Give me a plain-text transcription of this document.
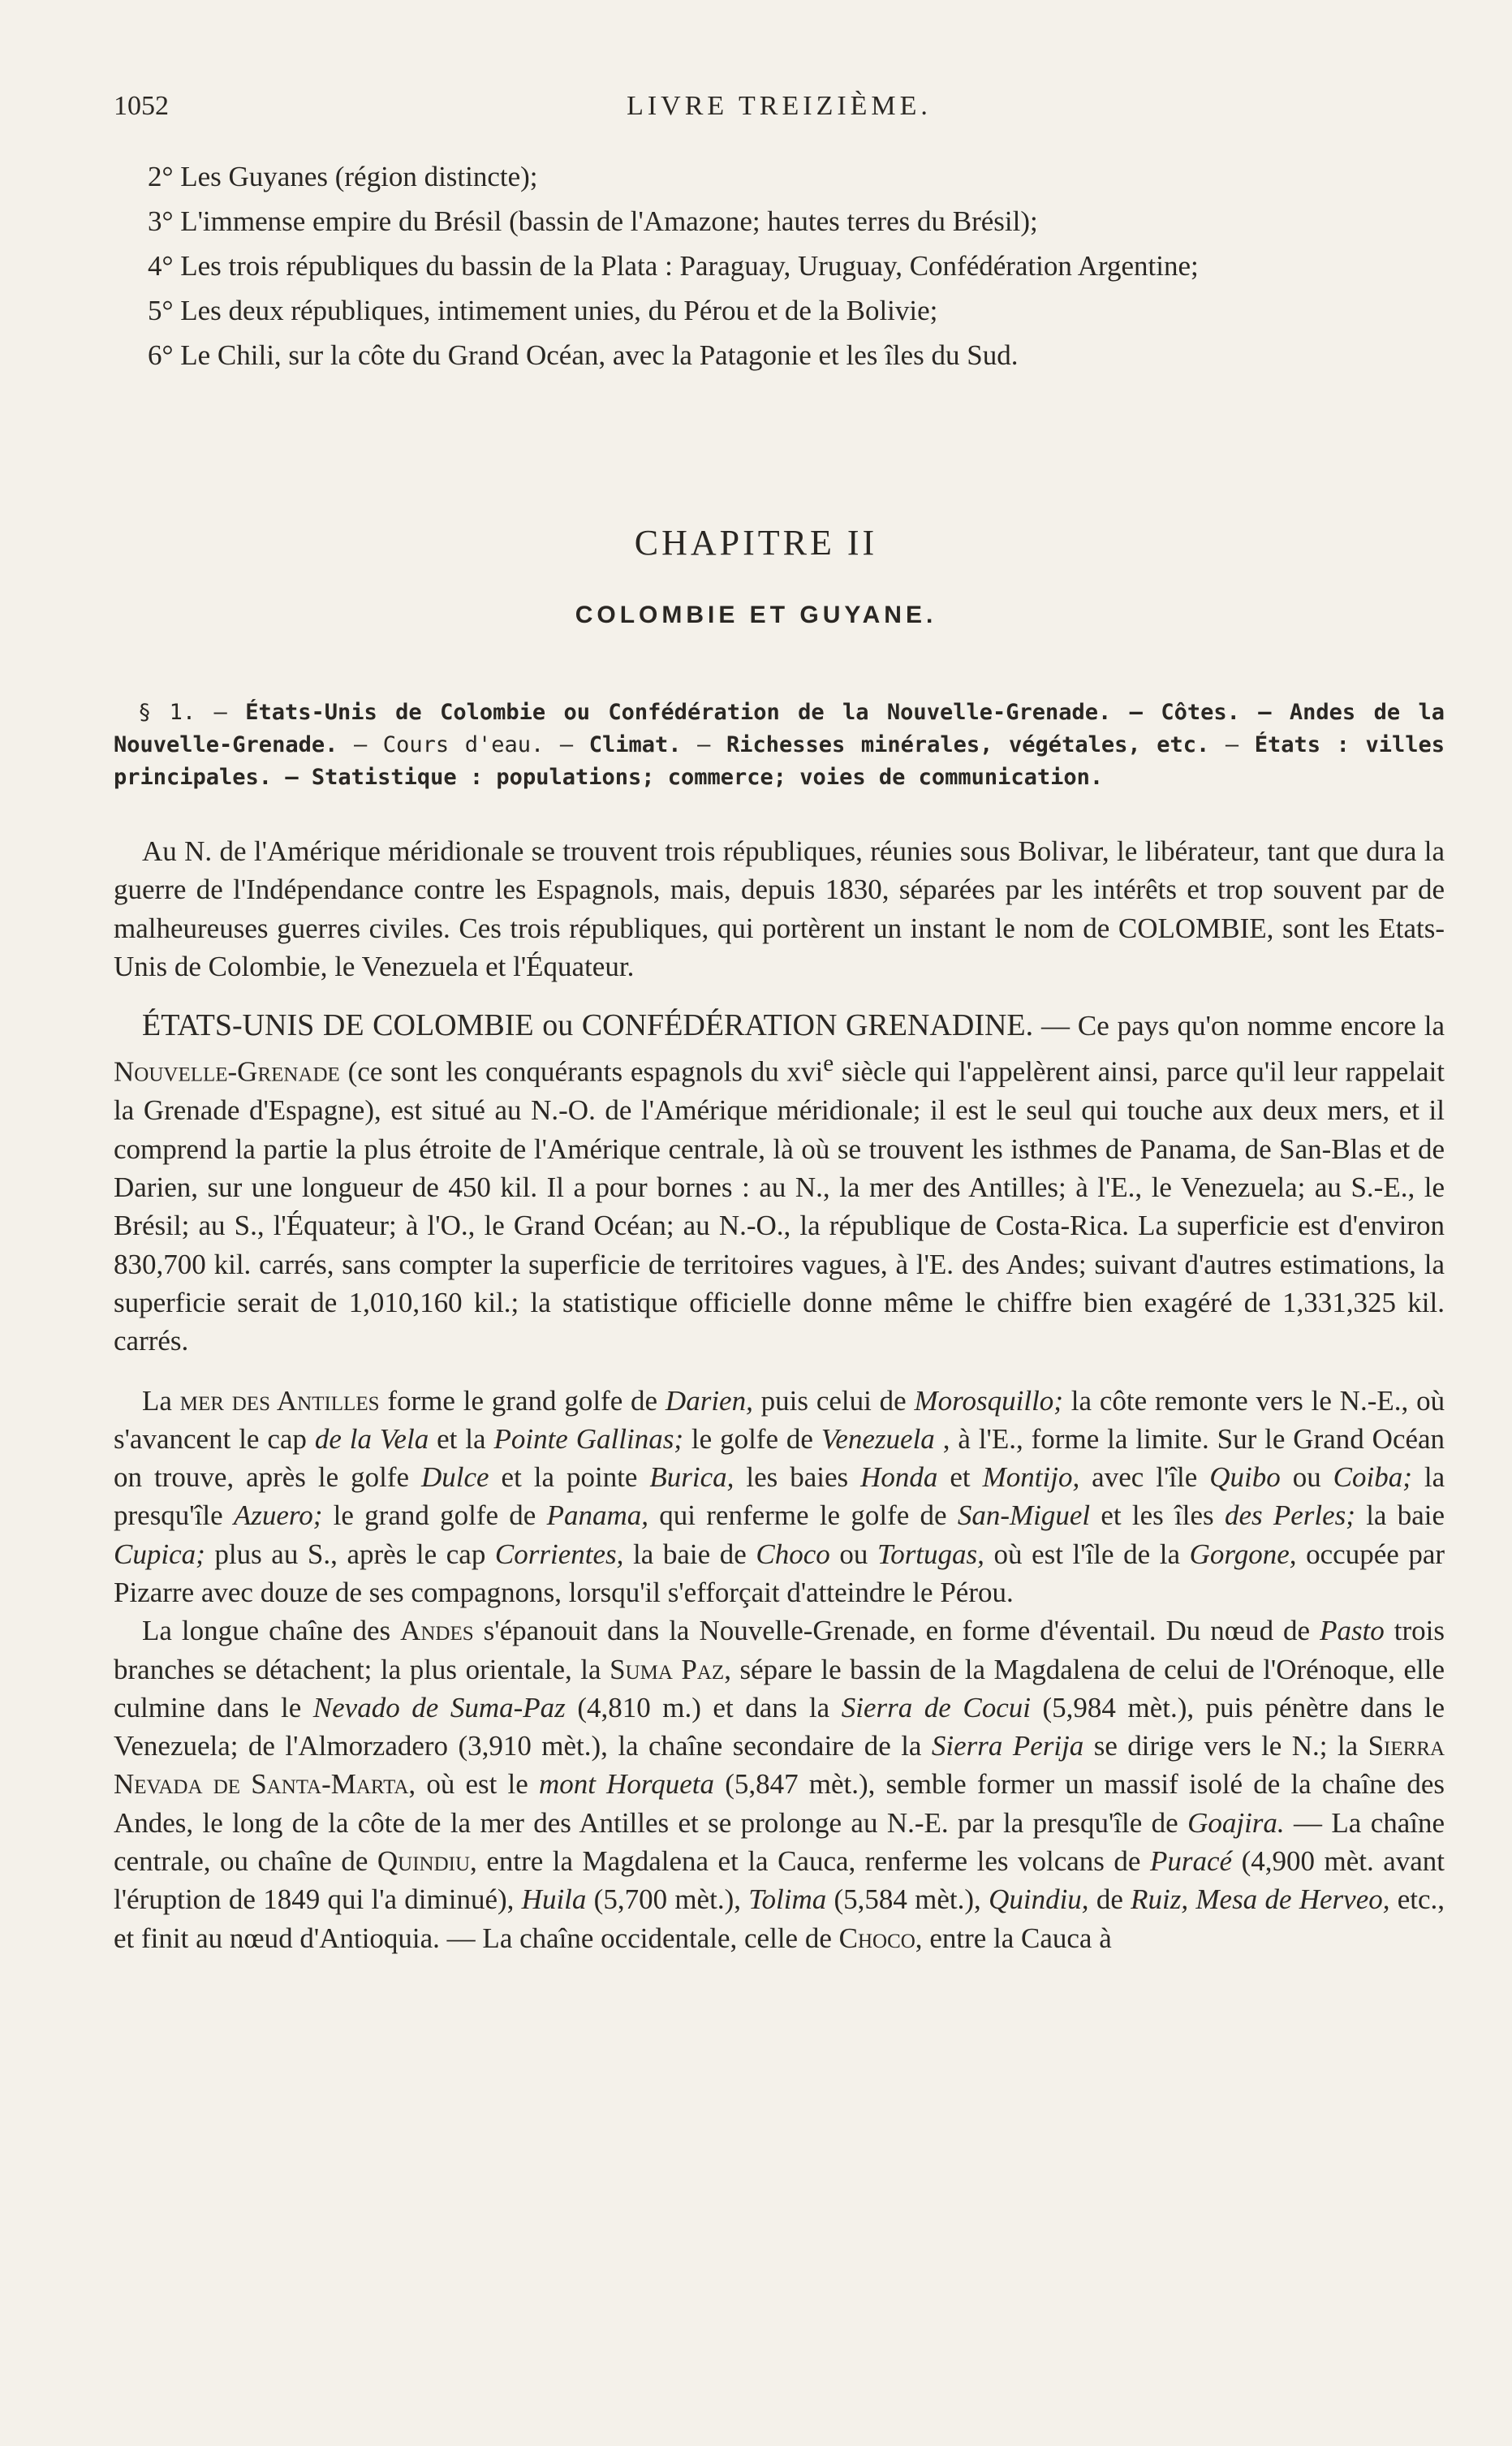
1052	LIVRE TREIZIÈME.

2° Les Guyanes (région distincte);

3° L'immense empire du Brésil (bassin de l'Amazone; hautes terres du Brésil);

4° Les trois républiques du bassin de la Plata : Paraguay, Uruguay, Confédération Argentine;

5° Les deux républiques, intimement unies, du Pérou et de la Bolivie;

6° Le Chili, sur la côte du Grand Océan, avec la Patagonie et les îles du Sud.

CHAPITRE II
COLOMBIE ET GUYANE.

§ 1. — États-Unis de Colombie ou Confédération de la Nouvelle-Grenade. — Côtes. — Andes de la Nouvelle-Grenade. — Cours d'eau. — Climat. — Richesses minérales, végétales, etc. — États : villes principales. — Statistique : populations; commerce; voies de communication.

Au N. de l'Amérique méridionale se trouvent trois républiques, réunies sous Bolivar, le libérateur, tant que dura la guerre de l'Indépendance contre les Espagnols, mais, depuis 1830, séparées par les intérêts et trop souvent par de malheureuses guerres civiles. Ces trois républiques, qui portèrent un instant le nom de COLOMBIE, sont les Etats-Unis de Colombie, le Venezuela et l'Équateur.

ÉTATS-UNIS DE COLOMBIE ou CONFÉDÉRATION GRENADINE. — Ce pays qu'on nomme encore la Nouvelle-Grenade (ce sont les conquérants espagnols du xvi$^e$ siècle qui l'appelèrent ainsi, parce qu'il leur rappelait la Grenade d'Espagne), est situé au N.-O. de l'Amérique méridionale; il est le seul qui touche aux deux mers, et il comprend la partie la plus étroite de l'Amérique centrale, là où se trouvent les isthmes de Panama, de San-Blas et de Darien, sur une longueur de 450 kil. Il a pour bornes : au N., la mer des Antilles; à l'E., le Venezuela; au S.-E., le Brésil; au S., l'Équateur; à l'O., le Grand Océan; au N.-O., la république de Costa-Rica. La superficie est d'environ 830,700 kil. carrés, sans compter la superficie de territoires vagues, à l'E. des Andes; suivant d'autres estimations, la superficie serait de 1,010,160 kil.; la statistique officielle donne même le chiffre bien exagéré de 1,331,325 kil. carrés.

La mer des Antilles forme le grand golfe de Darien, puis celui de Morosquillo; la côte remonte vers le N.-E., où s'avancent le cap de la Vela et la Pointe Gallinas; le golfe de Venezuela , à l'E., forme la limite. Sur le Grand Océan on trouve, après le golfe Dulce et la pointe Burica, les baies Honda et Montijo, avec l'île Quibo ou Coiba; la presqu'île Azuero; le grand golfe de Panama, qui renferme le golfe de San-Miguel et les îles des Perles; la baie Cupica; plus au S., après le cap Corrientes, la baie de Choco ou Tortugas, où est l'île de la Gorgone, occupée par Pizarre avec douze de ses compagnons, lorsqu'il s'efforçait d'atteindre le Pérou.

La longue chaîne des Andes s'épanouit dans la Nouvelle-Grenade, en forme d'éventail. Du nœud de Pasto trois branches se détachent; la plus orientale, la Suma Paz, sépare le bassin de la Magdalena de celui de l'Orénoque, elle culmine dans le Nevado de Suma-Paz (4,810 m.) et dans la Sierra de Cocui (5,984 mèt.), puis pénètre dans le Venezuela; de l'Almorzadero (3,910 mèt.), la chaîne secondaire de la Sierra Perija se dirige vers le N.; la Sierra Nevada de Santa-Marta, où est le mont Horqueta (5,847 mèt.), semble former un massif isolé de la chaîne des Andes, le long de la côte de la mer des Antilles et se prolonge au N.-E. par la presqu'île de Goajira. — La chaîne centrale, ou chaîne de Quindiu, entre la Magdalena et la Cauca, renferme les volcans de Puracé (4,900 mèt. avant l'éruption de 1849 qui l'a diminué), Huila (5,700 mèt.), Tolima (5,584 mèt.), Quindiu, de Ruiz, Mesa de Herveo, etc., et finit au nœud d'Antioquia. — La chaîne occidentale, celle de Choco, entre la Cauca à
